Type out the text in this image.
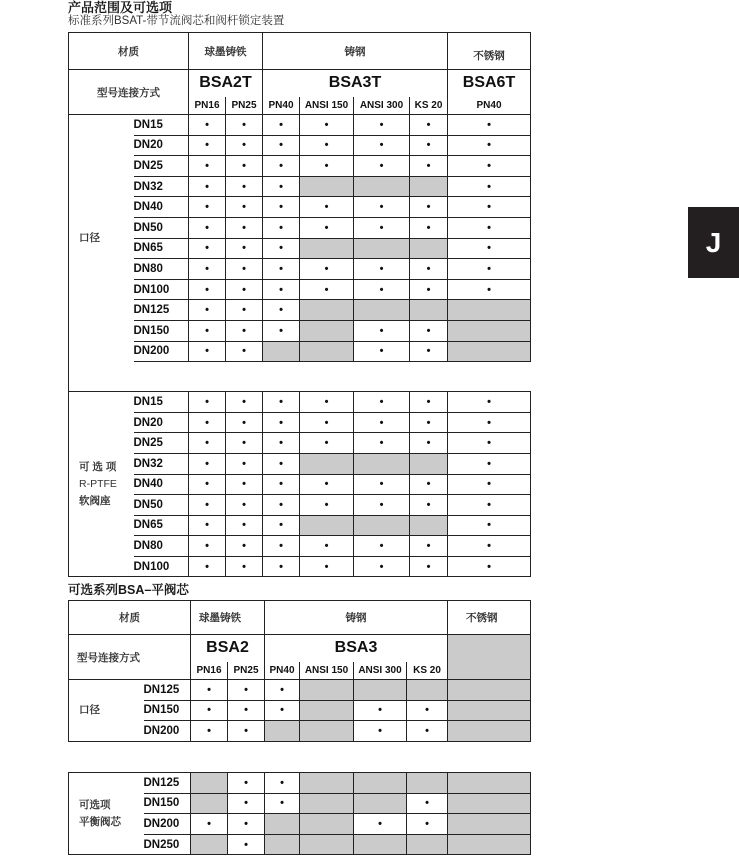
产品范围及可选项
标准系列BSAT-带节流阀芯和阀杆锁定装置
J
材质		球墨铸铁		铸钢				不锈钢
型号连接方式		BSA2T		BSA3T				BSA6T
		PN16	PN25	PN40	ANSI 150	ANSI 300	KS 20	PN40
口径	DN15	•	•	•	•	•	•	•
	DN20	•	•	•	•	•	•	•
	DN25	•	•	•	•	•	•	•
	DN32	•	•	•				•
	DN40	•	•	•	•	•	•	•
	DN50	•	•	•	•	•	•	•
	DN65	•	•	•				•
	DN80	•	•	•	•	•	•	•
	DN100	•	•	•	•	•	•	•
	DN125	•	•	•				
	DN150	•	•	•		•	•	
	DN200	•	•			•	•	

可 选 项
R-PTFE
软阀座	DN15	•	•	•	•	•	•	•
	DN20	•	•	•	•	•	•	•
	DN25	•	•	•	•	•	•	•
	DN32	•	•	•				•
	DN40	•	•	•	•	•	•	•
	DN50	•	•	•	•	•	•	•
	DN65	•	•	•				•
	DN80	•	•	•	•	•	•	•
	DN100	•	•	•	•	•	•	•
可选系列BSA–平阀芯
材质		球墨铸铁		铸钢				不锈钢
型号连接方式		BSA2		BSA3				
		PN16	PN25	PN40	ANSI 150	ANSI 300	KS 20	
口径	DN125	•	•	•				
	DN150	•	•	•		•	•	
	DN200	•	•			•	•	
可选项
平衡阀芯	DN125		•	•				
	DN150		•	•			•	
	DN200	•	•			•	•	
	DN250		•					
